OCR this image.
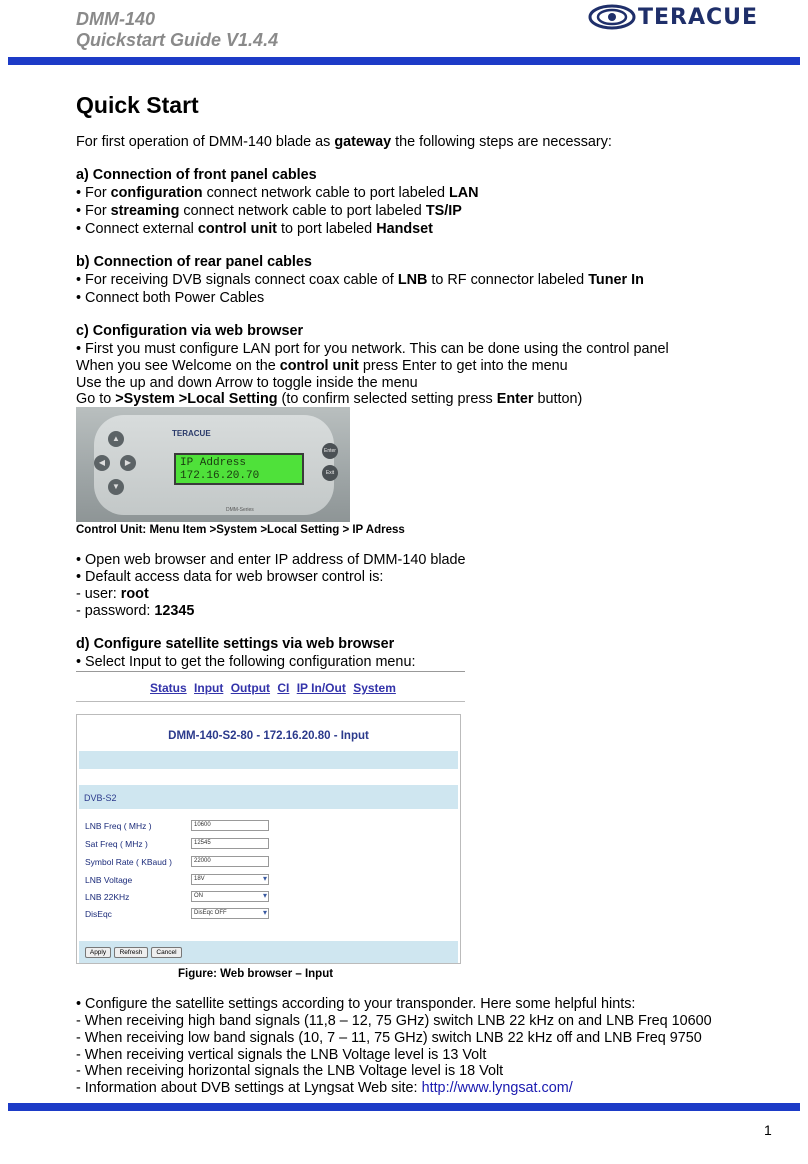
DMM-140
Quickstart Guide V1.4.4
TERACUE
Quick Start
For first operation of DMM-140 blade as gateway the following steps are necessary:
a) Connection of front panel cables
• For configuration connect network cable to port labeled LAN
• For streaming connect network cable to port labeled TS/IP
• Connect external control unit to port labeled Handset
b) Connection of rear panel cables
• For receiving DVB signals connect coax cable of LNB to RF connector labeled Tuner In
• Connect both Power Cables
c) Configuration via web browser
• First you must configure LAN port for you network. This can be done using the control panel
When you see Welcome on the control unit press Enter to get into the menu
Use the up and down Arrow to toggle inside the menu
Go to >System >Local Setting (to confirm selected setting press Enter button)
TERACUE
IP Address
172.16.20.70
DMM-Series
▲
◀	▶
▼
Enter
Exit
Control Unit: Menu Item >System >Local Setting > IP Adress
• Open web browser and enter IP address of DMM-140 blade
• Default access data for web browser control is:
- user: root
- password: 12345
d) Configure satellite settings via web browser
• Select Input to get the following configuration menu:
Status Input Output CI IP In/Out System
DMM-140-S2-80 - 172.16.20.80 - Input
DVB-S2
LNB Freq ( MHz )	10600
Sat Freq ( MHz )	12545
Symbol Rate ( KBaud )	22000
LNB Voltage	18V ▾
LNB 22KHz	ON ▾
DisEqc	DisEqc OFF ▾
Apply	Refresh	Cancel
Figure: Web browser – Input
• Configure the satellite settings according to your transponder. Here some helpful hints:
- When receiving high band signals (11,8 – 12, 75 GHz) switch LNB 22 kHz on and LNB Freq 10600
- When receiving low band signals (10, 7 – 11, 75 GHz) switch LNB 22 kHz off and LNB Freq 9750
- When receiving vertical signals the LNB Voltage level is 13 Volt
- When receiving horizontal signals the LNB Voltage level is 18 Volt
- Information about DVB settings at Lyngsat Web site: http://www.lyngsat.com/
1
